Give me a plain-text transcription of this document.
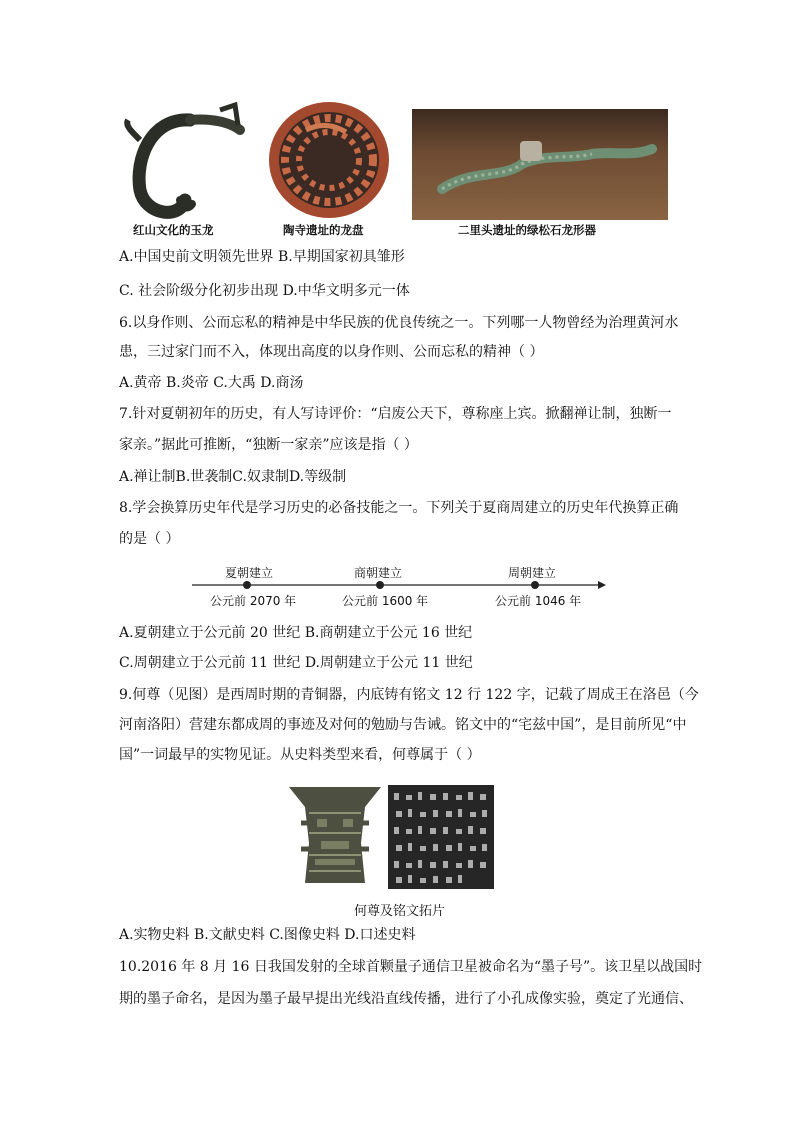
红山文化的玉龙	陶寺遗址的龙盘	二里头遗址的绿松石龙形器
A.中国史前文明领先世界 B.早期国家初具雏形
C. 社会阶级分化初步出现 D.中华文明多元一体
6.以身作则、公而忘私的精神是中华民族的优良传统之一。下列哪一人物曾经为治理黄河水
患，三过家门而不入，体现出高度的以身作则、公而忘私的精神（ ）
A.黄帝 B.炎帝 C.大禹 D.商汤
7.针对夏朝初年的历史，有人写诗评价：“启废公天下，尊称座上宾。掀翻禅让制，独断一
家亲。”据此可推断，“独断一家亲”应该是指（ ）
A.禅让制B.世袭制C.奴隶制D.等级制
8.学会换算历史年代是学习历史的必备技能之一。下列关于夏商周建立的历史年代换算正确
的是（ ）
夏朝建立	商朝建立	周朝建立
公元前 2070 年	公元前 1600 年	公元前 1046 年
A.夏朝建立于公元前 20 世纪 B.商朝建立于公元 16 世纪
C.周朝建立于公元前 11 世纪 D.周朝建立于公元 11 世纪
9.何尊（见图）是西周时期的青铜器，内底铸有铭文 12 行 122 字，记载了周成王在洛邑（今
河南洛阳）营建东都成周的事迹及对何的勉励与告诫。铭文中的“宅兹中国”，是目前所见“中
国”一词最早的实物见证。从史料类型来看，何尊属于（ ）
何尊及铭文拓片
A.实物史料 B.文献史料 C.图像史料 D.口述史料
10.2016 年 8 月 16 日我国发射的全球首颗量子通信卫星被命名为“墨子号”。该卫星以战国时
期的墨子命名，是因为墨子最早提出光线沿直线传播，进行了小孔成像实验，奠定了光通信、
